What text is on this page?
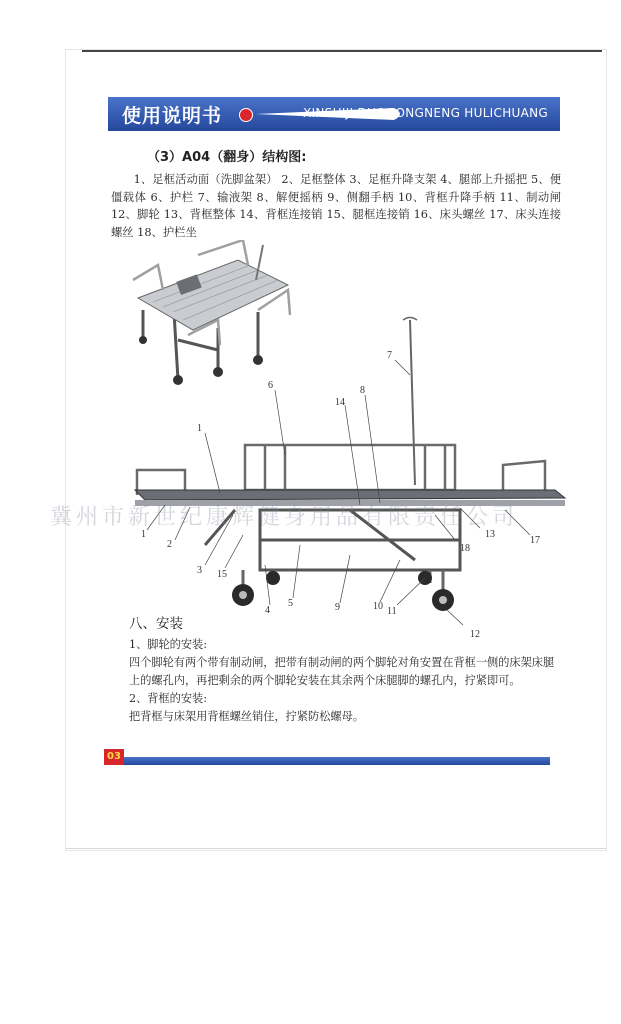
使用说明书	XINSHIJI DUOGONGNENG HULICHUANG
（3）A04（翻身）结构图:
1、足框活动面（洗脚盆架） 2、足框整体 3、足框升降支架 4、腿部上升摇把 5、便僵载体 6、护栏 7、输液架 8、解便摇柄 9、侧翻手柄 10、背框升降手柄 11、制动闸 12、脚轮 13、背框整体 14、背框连接销 15、腿框连接销 16、床头螺丝 17、床头连接螺丝 18、护栏坐
1
1
2
3 15
4
5
6
7
8
14
9	10 11
12
18
13
17
冀州市新世纪康辉健身用品有限责任公司
八、安装
1、脚轮的安装:
四个脚轮有两个带有制动闸，把带有制动闸的两个脚轮对角安置在背框一侧的床架床腿上的螺孔内，再把剩余的两个脚轮安装在其余两个床腿脚的螺孔内，拧紧即可。
2、背框的安装:
把背框与床架用背框螺丝销住，拧紧防松螺母。
03
